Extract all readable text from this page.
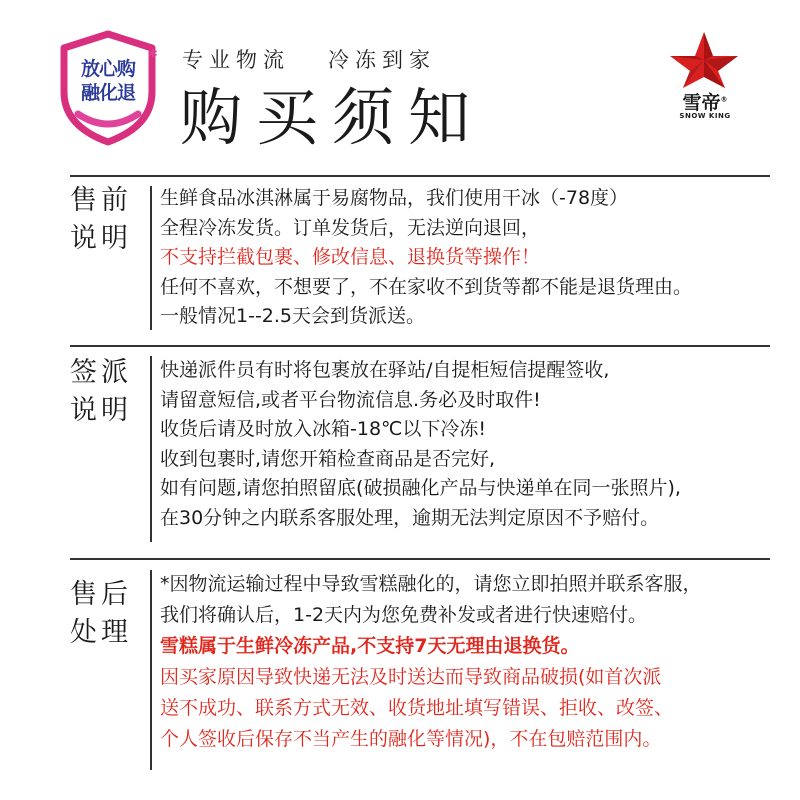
放心购
融化退
* 专业物流   冷冻到家
购买须知	雪帝®
SNOW KING
售前
说明
生鲜食品冰淇淋属于易腐物品，我们使用干冰（-78度）
全程冷冻发货。订单发货后，无法逆向退回，
不支持拦截包裹、修改信息、退换货等操作！
任何不喜欢，不想要了，不在家收不到货等都不能是退货理由。
一般情况1--2.5天会到货派送。
签派
说明
快递派件员有时将包裹放在驿站/自提柜短信提醒签收,
请留意短信,或者平台物流信息.务必及时取件!
收货后请及时放入冰箱-18℃以下冷冻!
收到包裹时,请您开箱检查商品是否完好,
如有问题,请您拍照留底(破损融化产品与快递单在同一张照片),
在30分钟之内联系客服处理，逾期无法判定原因不予赔付。
售后
处理
*因物流运输过程中导致雪糕融化的，请您立即拍照并联系客服，
我们将确认后，1-2天内为您免费补发或者进行快速赔付。
雪糕属于生鲜冷冻产品,不支持7天无理由退换货。
因买家原因导致快递无法及时送达而导致商品破损(如首次派
送不成功、联系方式无效、收货地址填写错误、拒收、改签、
个人签收后保存不当产生的融化等情况)，不在包赔范围内。
